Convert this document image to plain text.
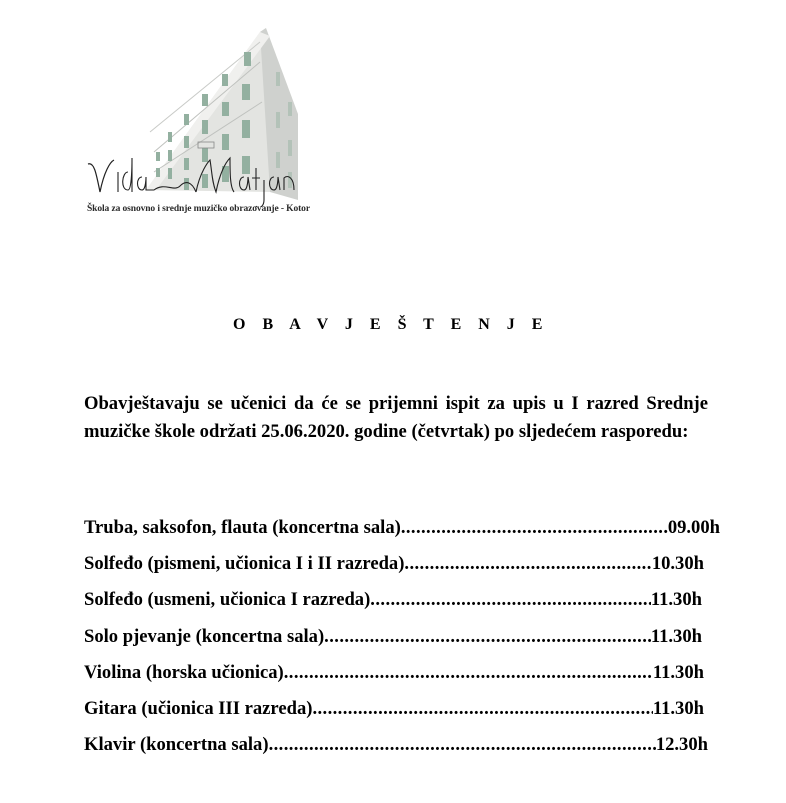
Škola za osnovno i srednje muzičko obrazovanje - Kotor
O B A V J E Š T E N J E
Obavještavaju se učenici da će se prijemni ispit za upis u I razred Srednje muzičke škole održati 25.06.2020. godine (četvrtak) po sljedećem rasporedu:
Truba, saksofon, flauta (koncertna sala) .....	09.00h
Solfeđo (pismeni, učionica I i II razreda) .....	10.30h
Solfeđo (usmeni, učionica I razreda) .....	11.30h
Solo pjevanje (koncertna sala) .....	11.30h
Violina (horska učionica) .....	11.30h
Gitara (učionica III razreda) .....	11.30h
Klavir (koncertna sala) .....	12.30h
